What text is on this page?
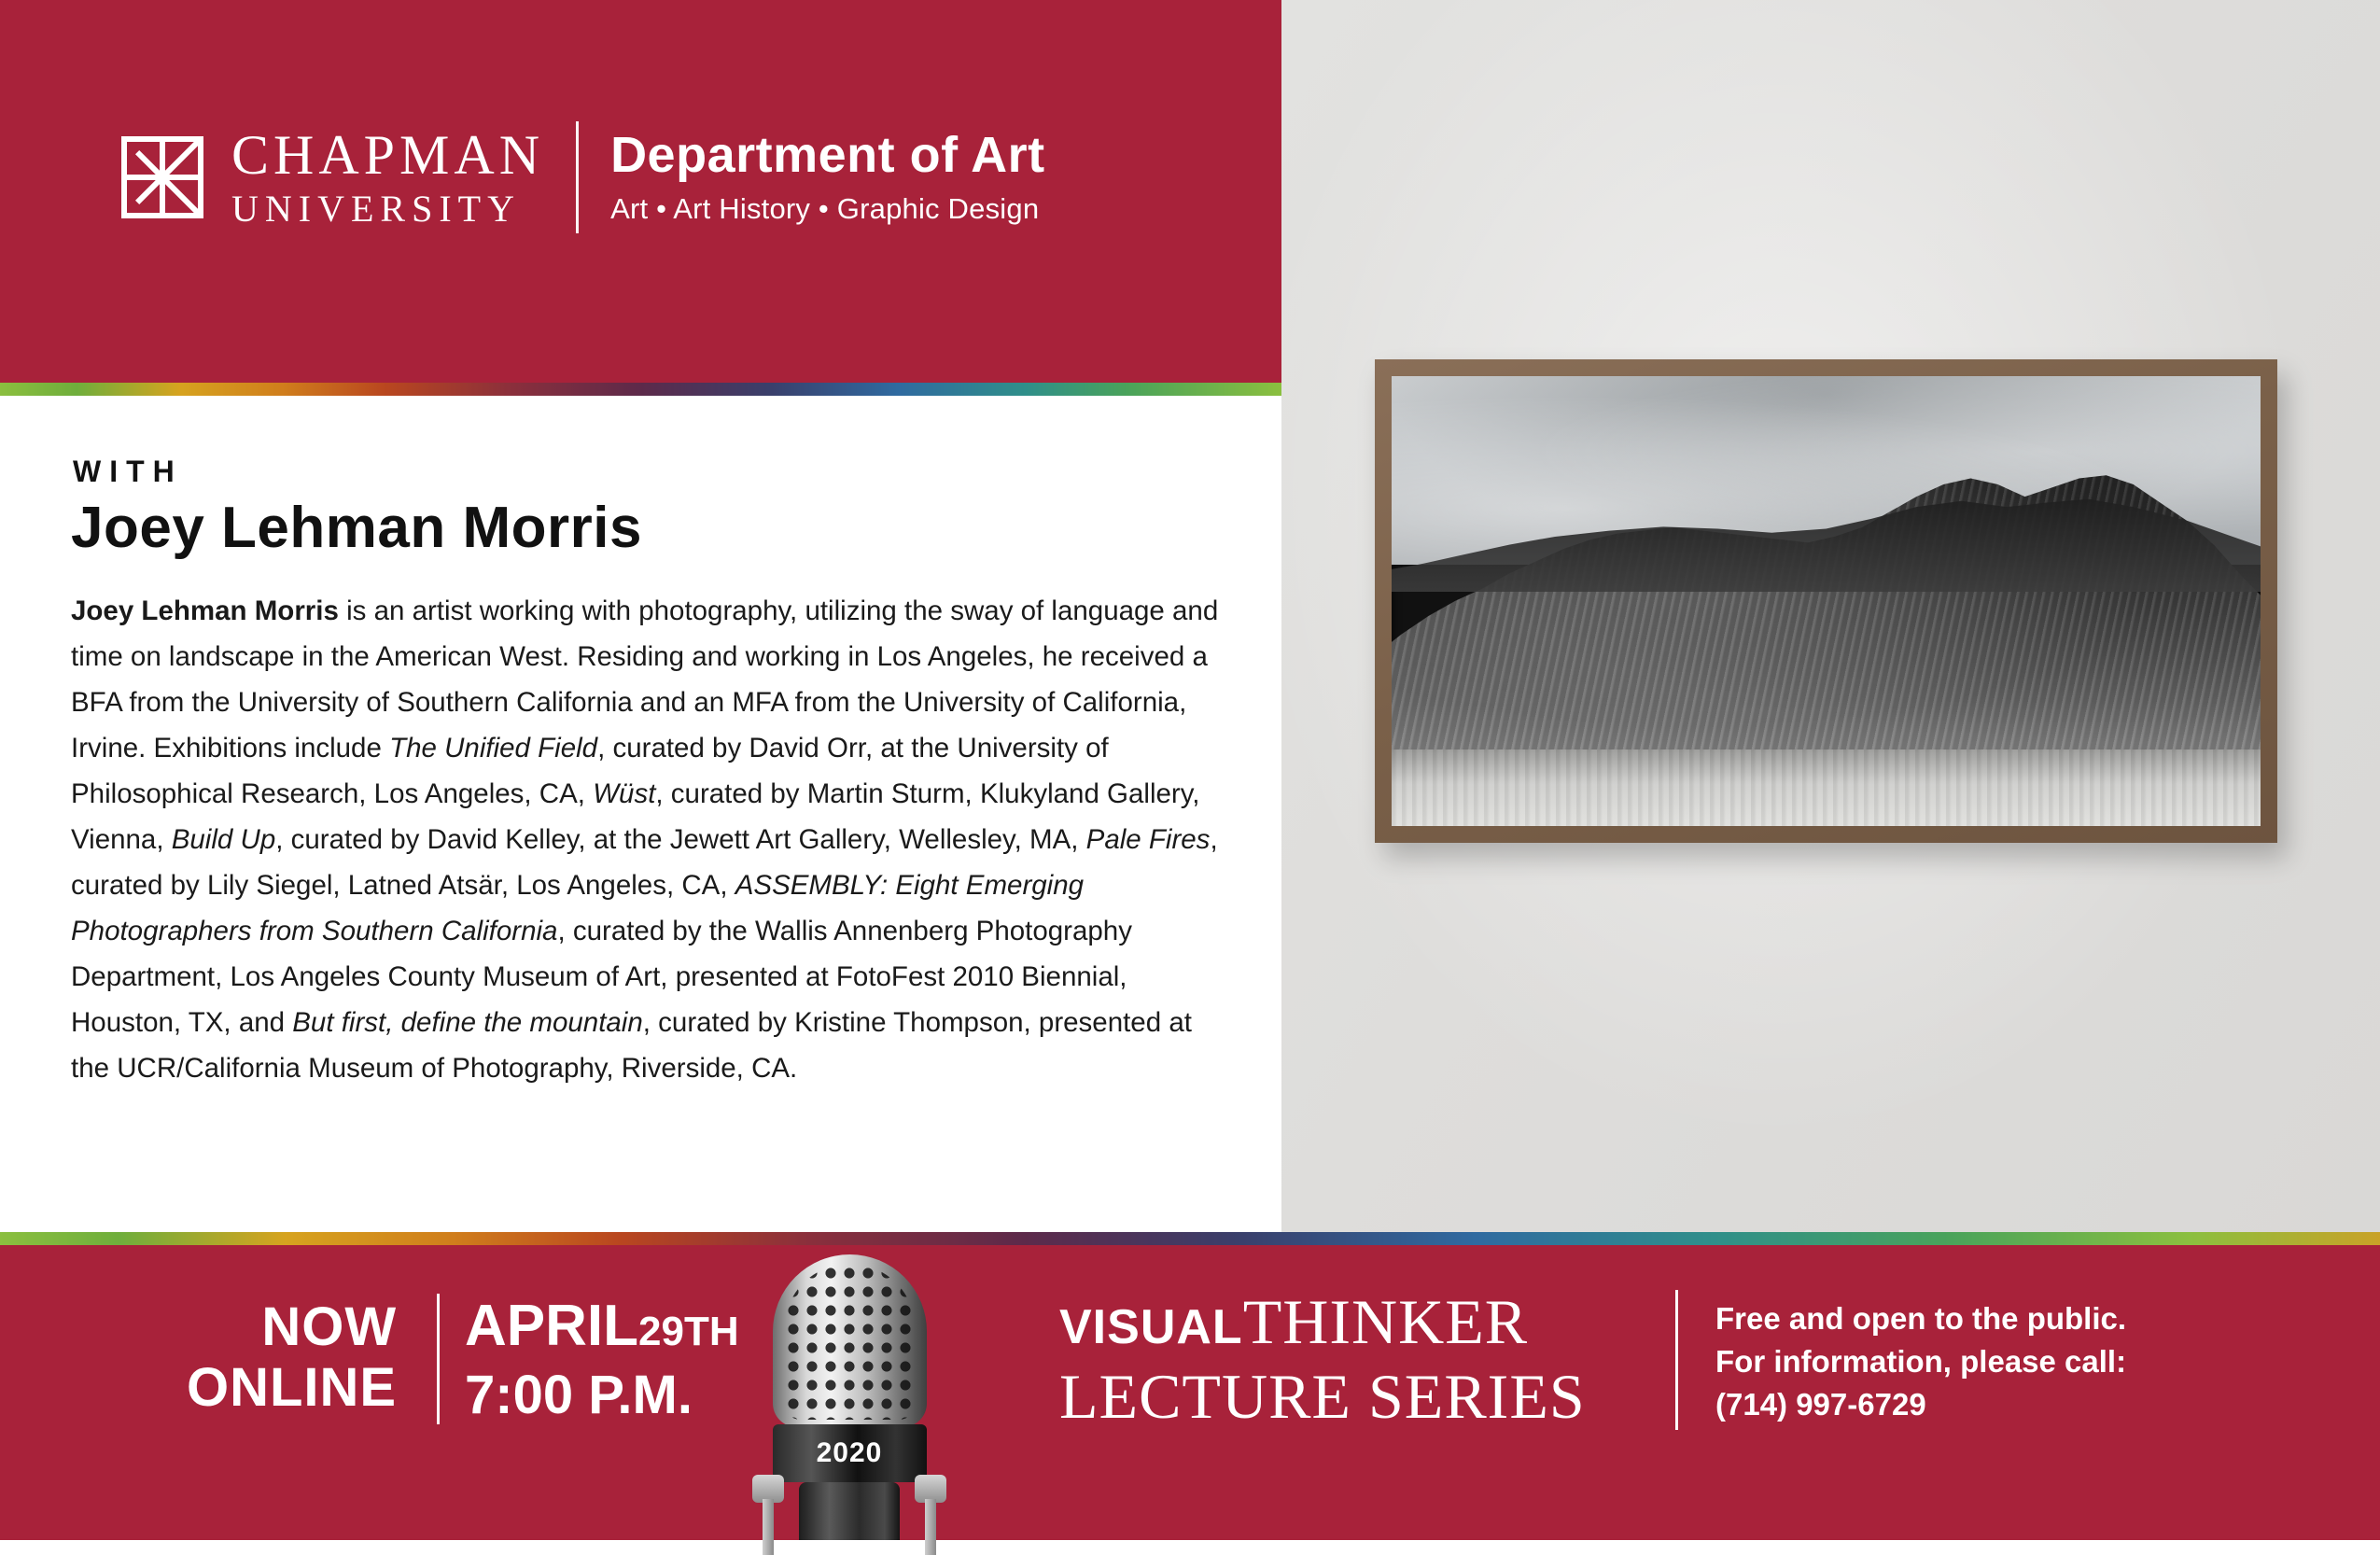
CHAPMAN
UNIVERSITY
Department of Art
Art • Art History • Graphic Design
WITH
Joey Lehman Morris
Joey Lehman Morris is an artist working with photography, utilizing the sway of language and time on landscape in the American West. Residing and working in Los Angeles, he received a BFA from the University of Southern California and an MFA from the University of California, Irvine. Exhibitions include The Unified Field, curated by David Orr, at the University of Philosophical Research, Los Angeles, CA, Wüst, curated by Martin Sturm, Klukyland Gallery, Vienna, Build Up, curated by David Kelley, at the Jewett Art Gallery, Wellesley, MA, Pale Fires, curated by Lily Siegel, Latned Atsär, Los Angeles, CA, ASSEMBLY: Eight Emerging Photographers from Southern California, curated by the Wallis Annenberg Photography Department, Los Angeles County Museum of Art, presented at FotoFest 2010 Biennial, Houston, TX, and But first, define the mountain, curated by Kristine Thompson, presented at the UCR/California Museum of Photography, Riverside, CA.
NOW
ONLINE
APRIL29TH
7:00 P.M.
2020
VISUALTHINKER
LECTURE SERIES
Free and open to the public.
For information, please call:
(714) 997-6729
